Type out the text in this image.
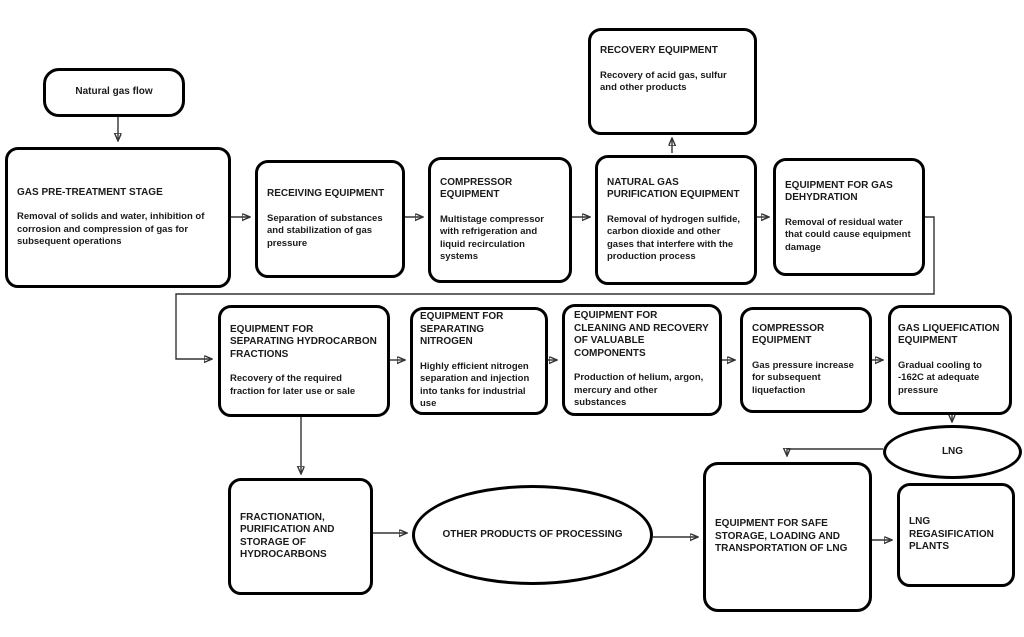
Natural gas flow
GAS PRE-TREATMENT STAGE
Removal of solids and water, inhibition of corrosion and compression of gas for subsequent operations
RECEIVING EQUIPMENT
Separation of substances and stabilization of gas pressure
COMPRESSOR EQUIPMENT
Multistage compressor with refrigeration and liquid recirculation systems
NATURAL GAS PURIFICATION EQUIPMENT
Removal of hydrogen sulfide, carbon dioxide and other gases that interfere with the production process
RECOVERY EQUIPMENT
Recovery of acid gas, sulfur and other products
EQUIPMENT FOR GAS DEHYDRATION
Removal of residual water that could cause equipment damage
EQUIPMENT FOR SEPARATING HYDROCARBON FRACTIONS
Recovery of the required fraction for later use or sale
EQUIPMENT FOR SEPARATING NITROGEN
Highly efficient nitrogen separation and injection into tanks for industrial use
EQUIPMENT FOR CLEANING AND RECOVERY OF VALUABLE COMPONENTS
Production of helium, argon, mercury and other substances
COMPRESSOR EQUIPMENT
Gas pressure increase for subsequent liquefaction
GAS LIQUEFICATION EQUIPMENT
Gradual cooling to -162C at adequate pressure
FRACTIONATION, PURIFICATION AND STORAGE OF HYDROCARBONS
OTHER PRODUCTS OF PROCESSING
EQUIPMENT FOR SAFE STORAGE, LOADING AND TRANSPORTATION OF LNG
LNG
LNG REGASIFICATION PLANTS
